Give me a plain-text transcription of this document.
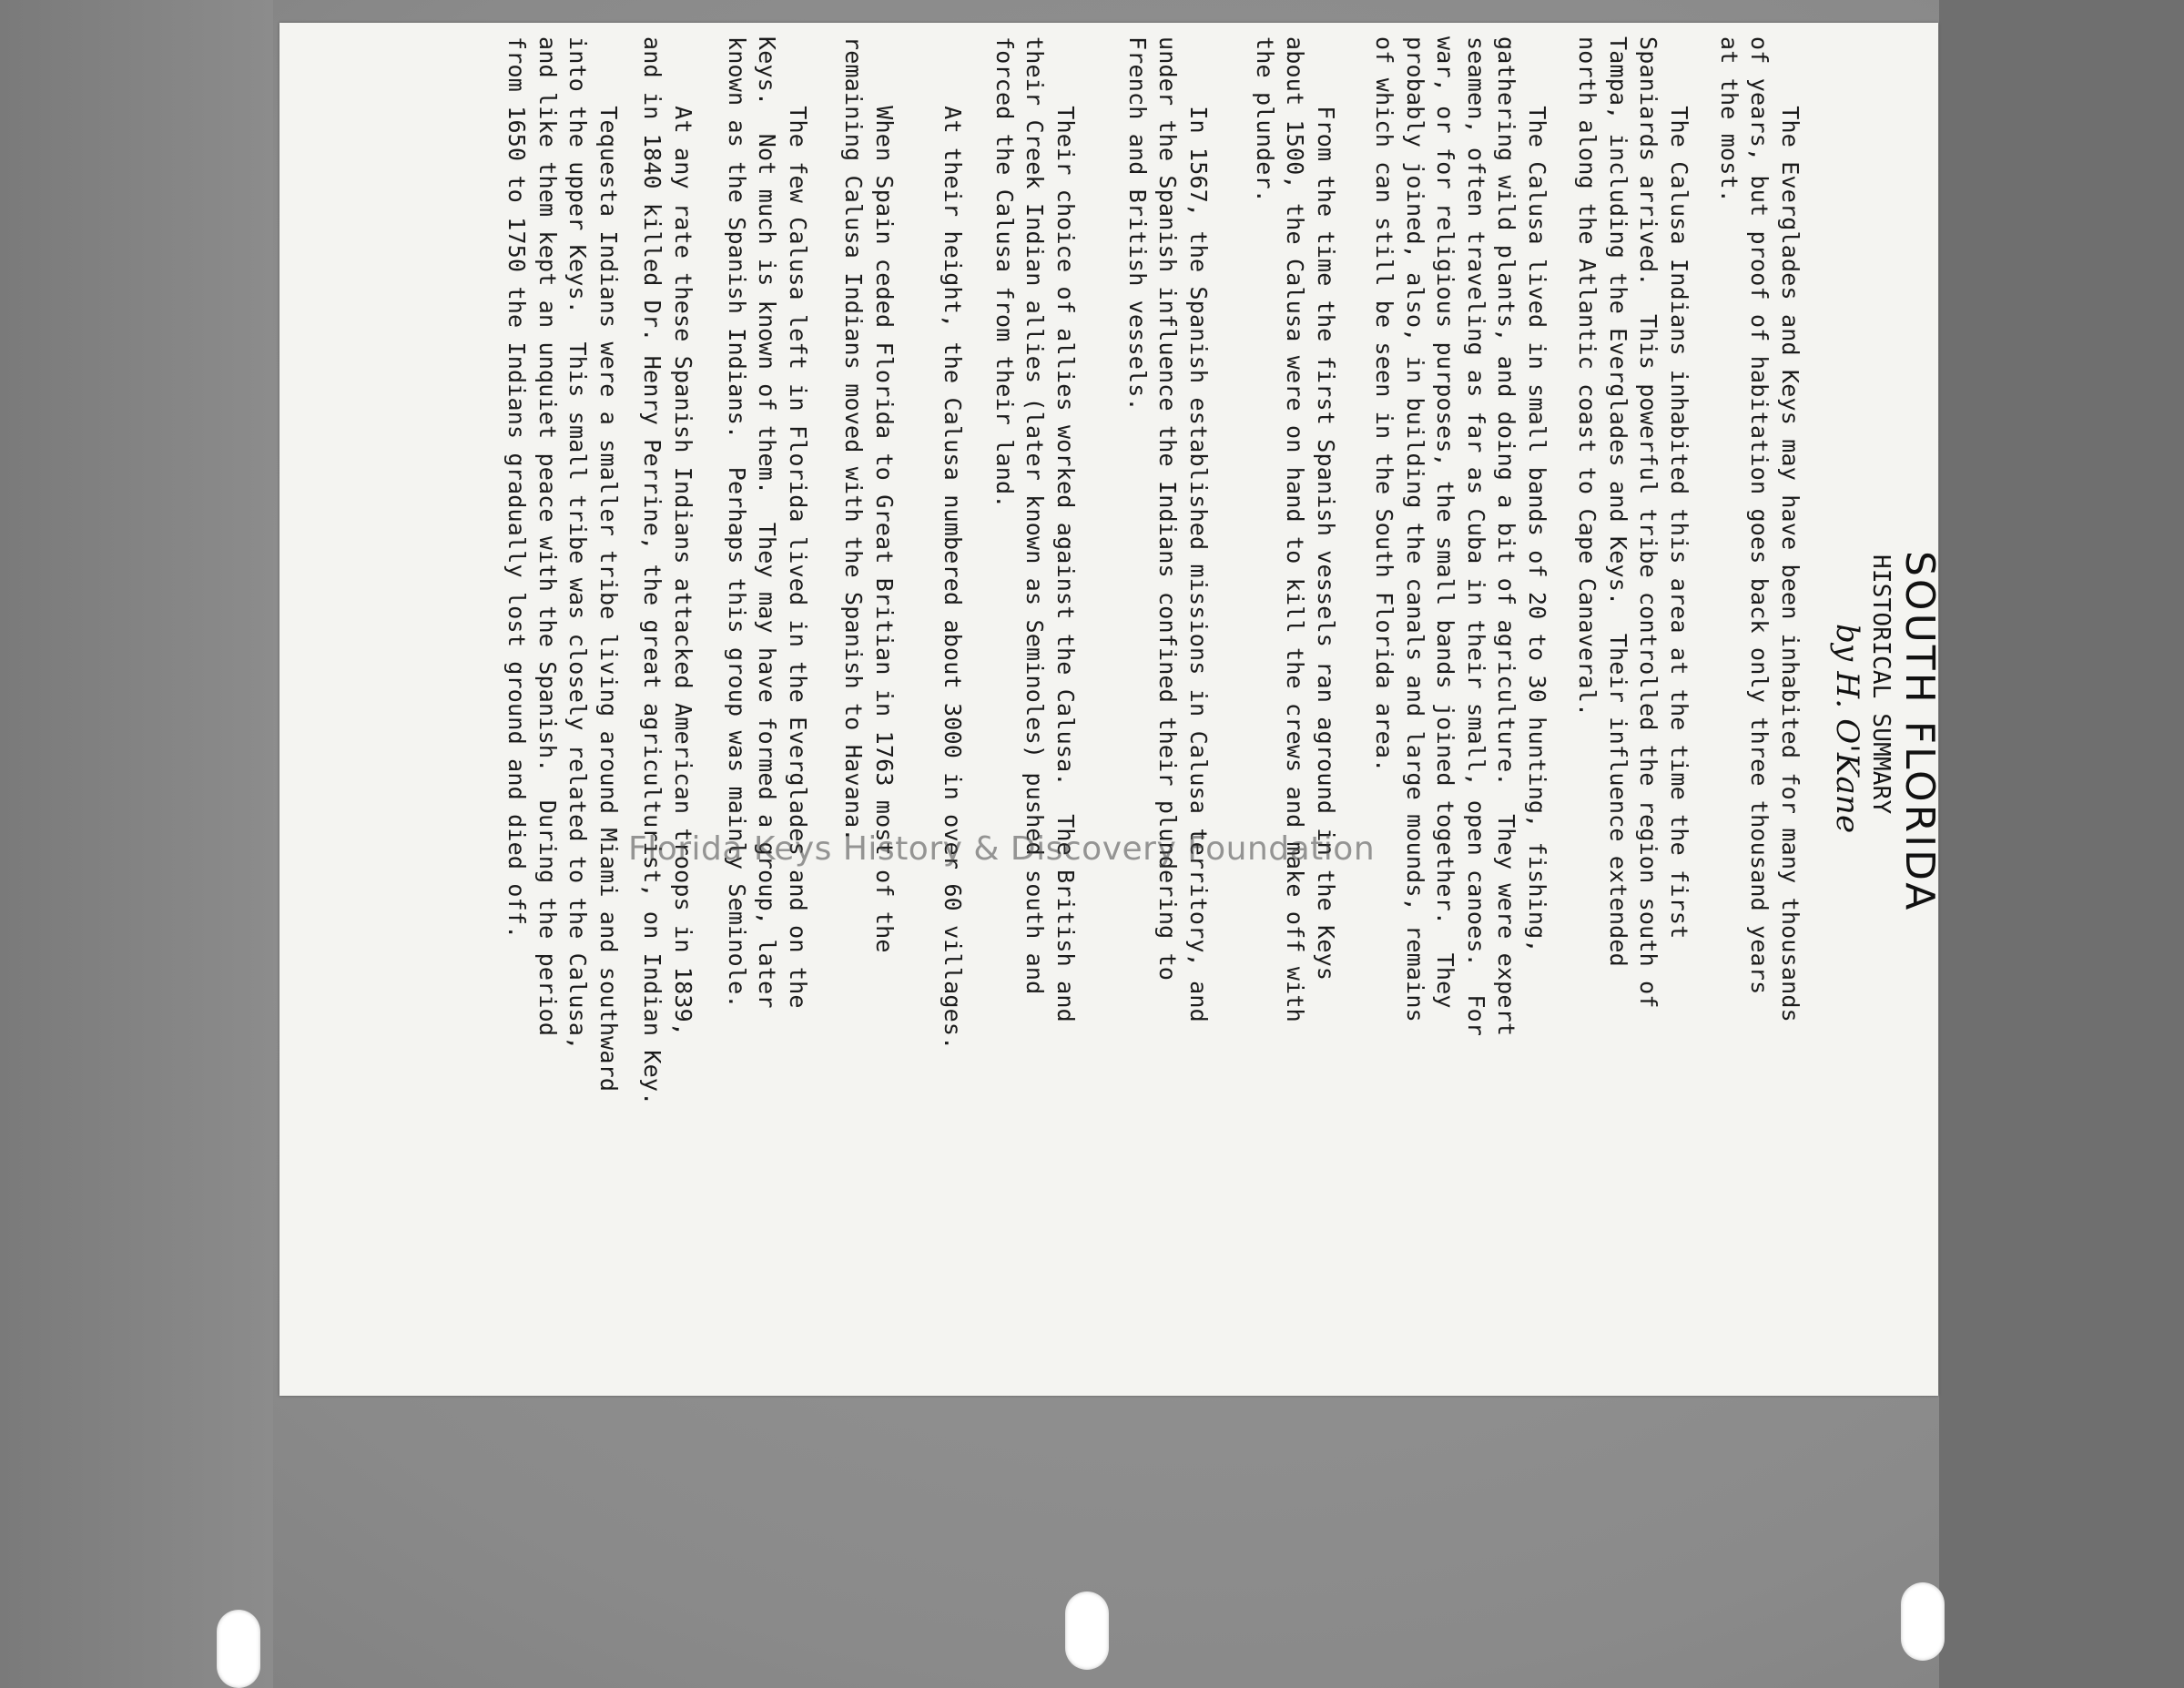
SOUTH FLORIDA
HISTORICAL SUMMARY
by H. O'Kane

The Everglades and Keys may have been inhabited for many thousands
of years, but proof of habitation goes back only three thousand years
at the most.

The Calusa Indians inhabited this area at the time the first
Spaniards arrived.  This powerful tribe controlled the region south of
Tampa, including the Everglades and Keys.  Their influence extended
north along the Atlantic coast to Cape Canaveral.

The Calusa lived in small bands of 20 to 30 hunting, fishing,
gathering wild plants, and doing a bit of agriculture.  They were expert
seamen, often traveling as far as Cuba in their small, open canoes.  For
war, or for religious purposes, the small bands joined together.  They
probably joined, also, in building the canals and large mounds, remains
of which can still be seen in the South Florida area.

From the time the first Spanish vessels ran aground in the Keys
about 1500, the Calusa were on hand to kill the crews and make off with
the plunder.

In 1567, the Spanish established missions in Calusa territory, and
under the Spanish influence the Indians confined their plundering to
French and British vessels.

Their choice of allies worked against the Calusa.  The British and
their Creek Indian allies (later known as Seminoles) pushed south and
forced the Calusa from their land.

At their height, the Calusa numbered about 3000 in over 60 villages.

When Spain ceded Florida to Great Britian in 1763 most of the
remaining Calusa Indians moved with the Spanish to Havana.

The few Calusa left in Florida lived in the Everglades and on the
Keys.  Not much is known of them.  They may have formed a group, later
known as the Spanish Indians.  Perhaps this group was mainly Seminole.

At any rate these Spanish Indians attacked American troops in 1839,
and in 1840 killed Dr. Henry Perrine, the great agriculturist, on Indian Key.

Tequesta Indians were a smaller tribe living around Miami and southward
into the upper Keys.  This small tribe was closely related to the Calusa,
and like them kept an unquiet peace with the Spanish.  During the period
from 1650 to 1750 the Indians gradually lost ground and died off.

Florida Keys History & Discovery Foundation
